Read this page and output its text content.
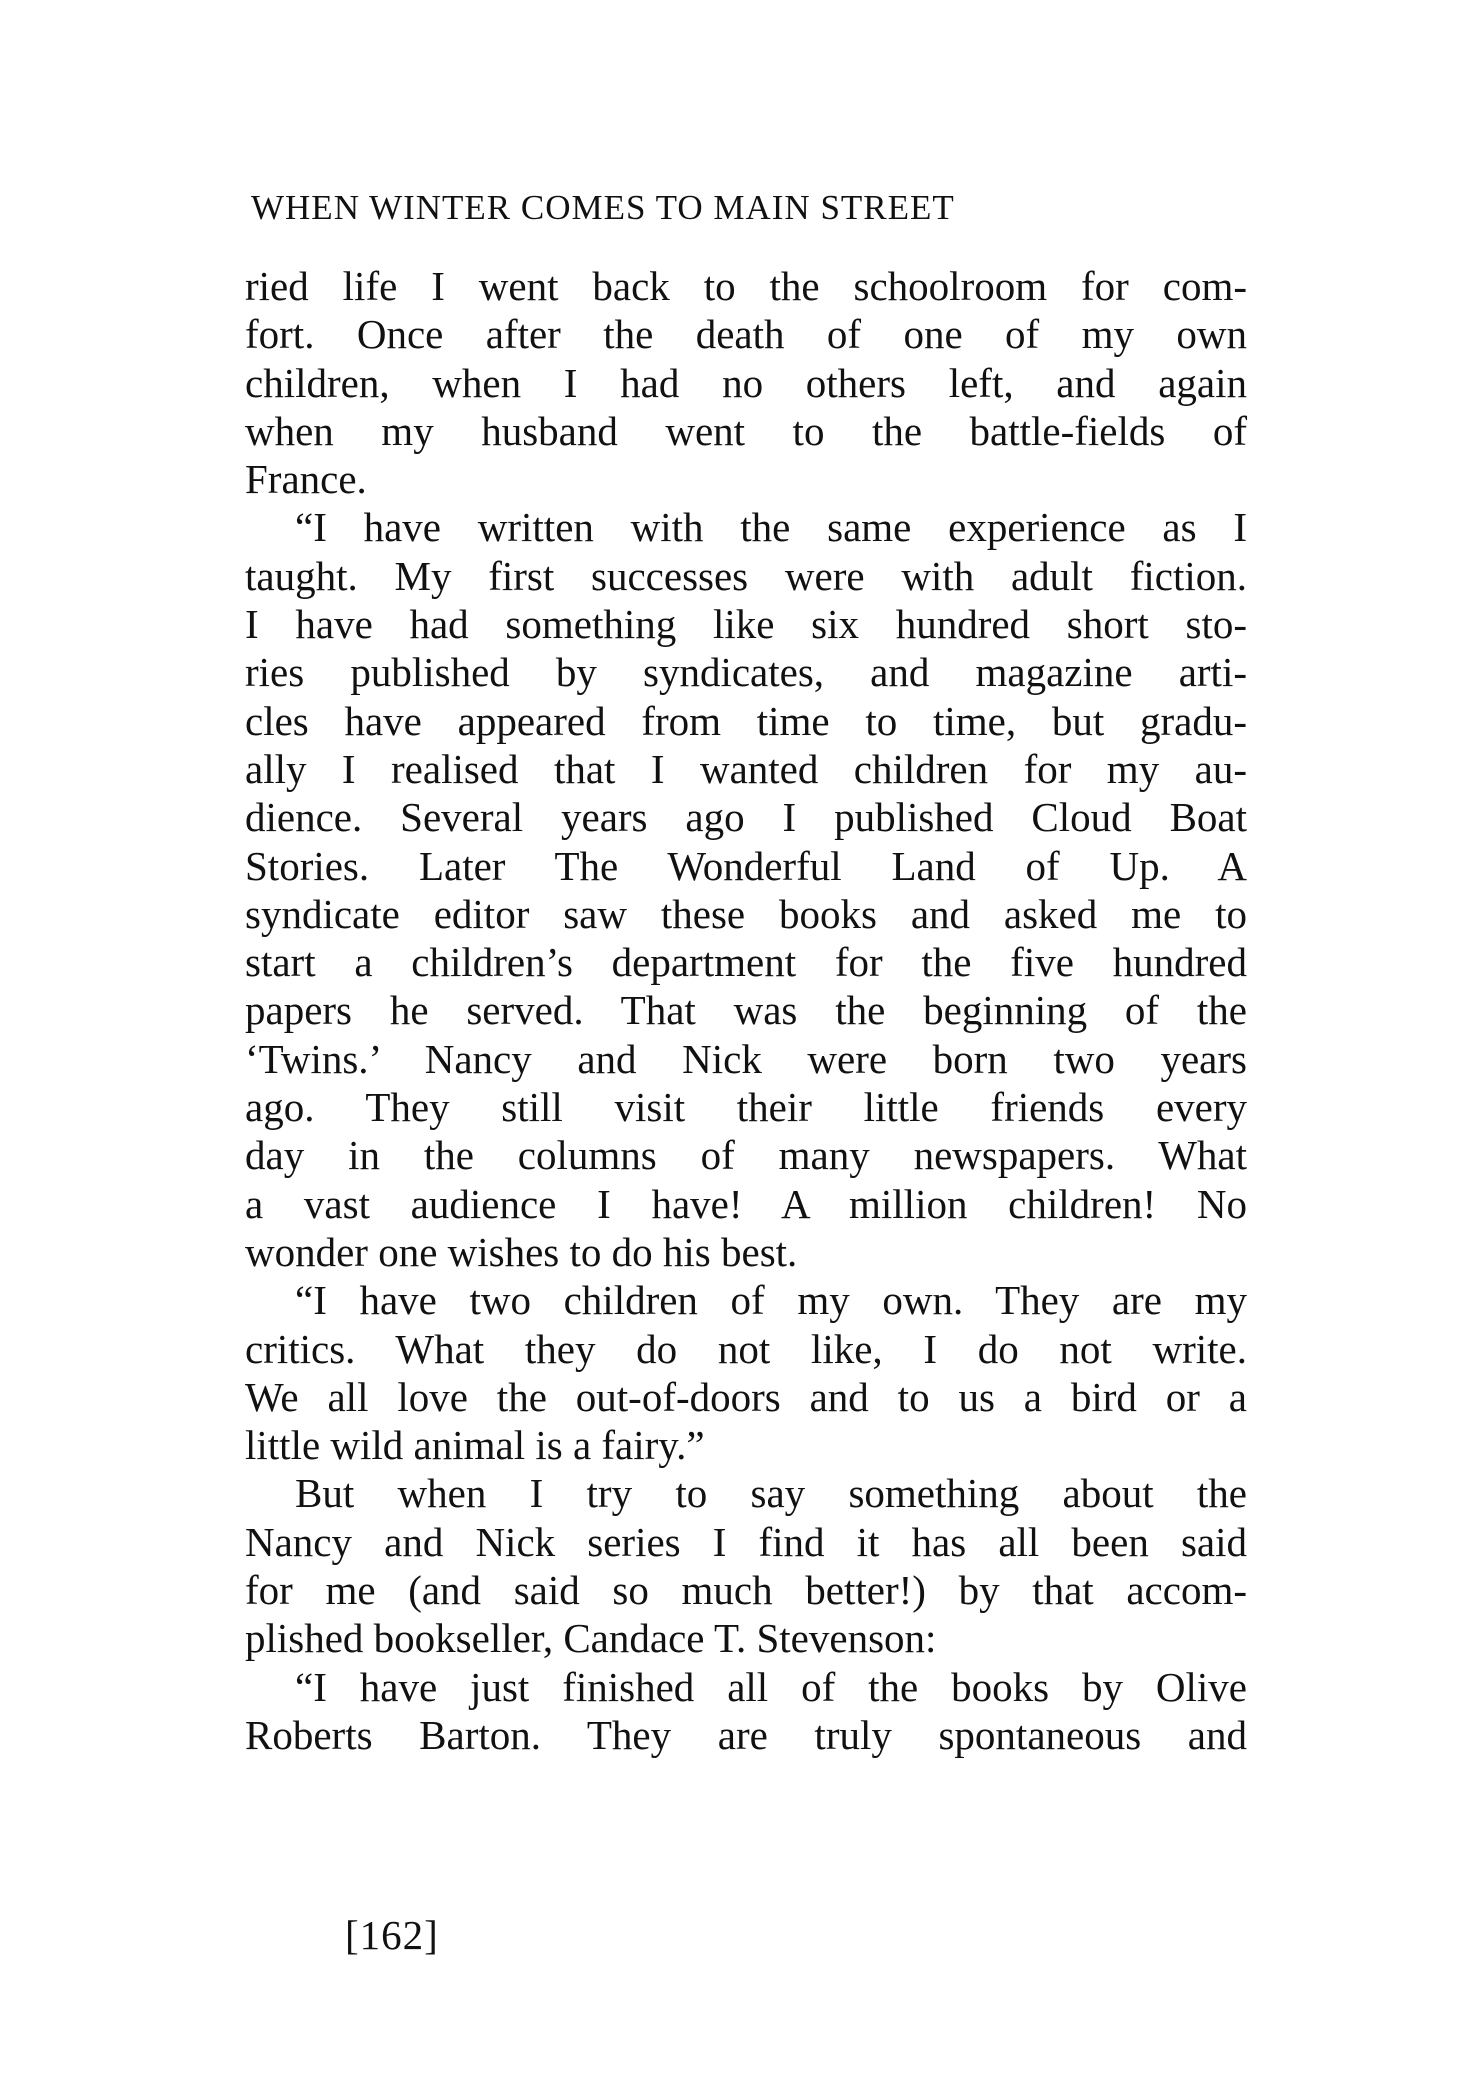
WHEN WINTER COMES TO MAIN STREET
ried life I went back to the schoolroom for com-
fort. Once after the death of one of my own
children, when I had no others left, and again
when my husband went to the battle-fields of
France.
“I have written with the same experience as I
taught. My first successes were with adult fiction.
I have had something like six hundred short sto-
ries published by syndicates, and magazine arti-
cles have appeared from time to time, but gradu-
ally I realised that I wanted children for my au-
dience. Several years ago I published Cloud Boat
Stories. Later The Wonderful Land of Up. A
syndicate editor saw these books and asked me to
start a children’s department for the five hundred
papers he served. That was the beginning of the
‘Twins.’ Nancy and Nick were born two years
ago. They still visit their little friends every
day in the columns of many newspapers. What
a vast audience I have! A million children! No
wonder one wishes to do his best.
“I have two children of my own. They are my
critics. What they do not like, I do not write.
We all love the out-of-doors and to us a bird or a
little wild animal is a fairy.”
But when I try to say something about the
Nancy and Nick series I find it has all been said
for me (and said so much better!) by that accom-
plished bookseller, Candace T. Stevenson:
“I have just finished all of the books by Olive
Roberts Barton. They are truly spontaneous and
[162]
